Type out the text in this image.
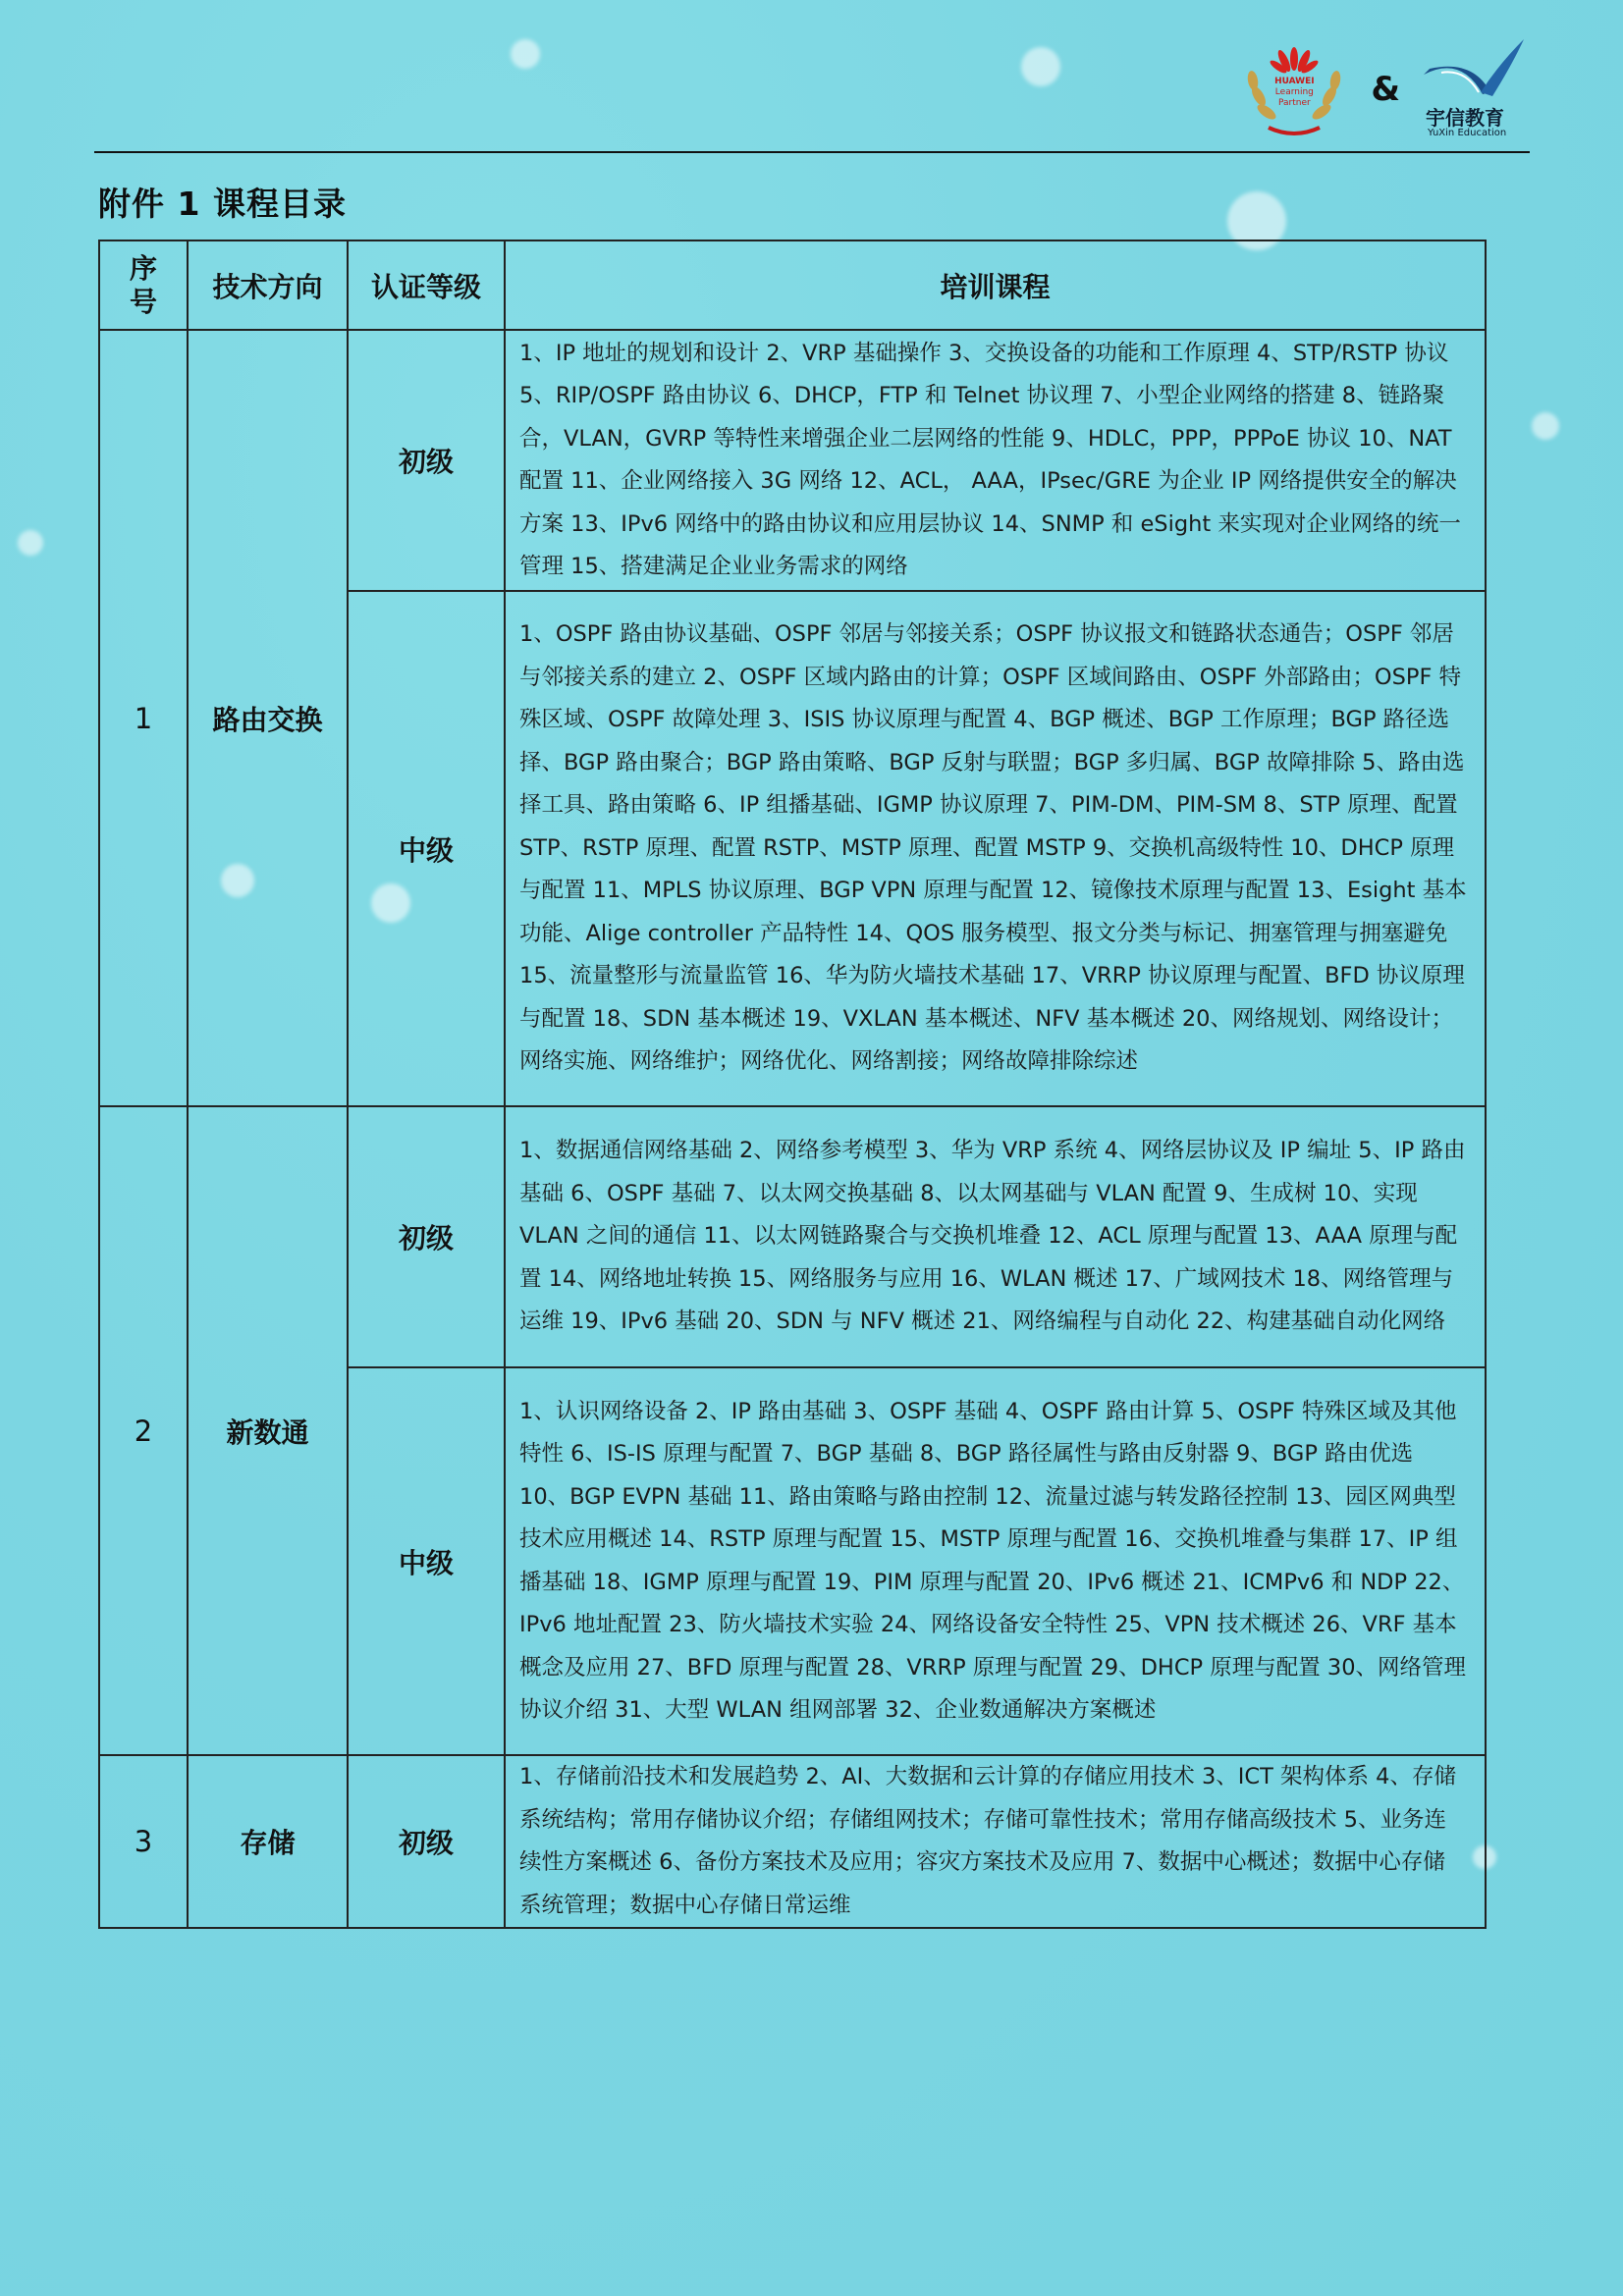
HUAWEI
Learning
Partner	&
宇信教育
YuXin Education
附件 1 课程目录
序号	技术方向	认证等级	培训课程
1	路由交换	初级	1、IP 地址的规划和设计 2、VRP 基础操作 3、交换设备的功能和工作原理 4、STP/RSTP 协议 5、RIP/OSPF 路由协议 6、DHCP，FTP 和 Telnet 协议理 7、小型企业网络的搭建 8、链路聚合，VLAN，GVRP 等特性来增强企业二层网络的性能 9、HDLC，PPP，PPPoE 协议 10、NAT 配置 11、企业网络接入 3G 网络 12、ACL， AAA，IPsec/GRE 为企业 IP 网络提供安全的解决方案 13、IPv6 网络中的路由协议和应用层协议 14、SNMP 和 eSight 来实现对企业网络的统一管理 15、搭建满足企业业务需求的网络
		中级	1、OSPF 路由协议基础、OSPF 邻居与邻接关系；OSPF 协议报文和链路状态通告；OSPF 邻居与邻接关系的建立 2、OSPF 区域内路由的计算；OSPF 区域间路由、OSPF 外部路由；OSPF 特殊区域、OSPF 故障处理 3、ISIS 协议原理与配置 4、BGP 概述、BGP 工作原理；BGP 路径选择、BGP 路由聚合；BGP 路由策略、BGP 反射与联盟；BGP 多归属、BGP 故障排除 5、路由选择工具、路由策略 6、IP 组播基础、IGMP 协议原理 7、PIM-DM、PIM-SM 8、STP 原理、配置 STP、RSTP 原理、配置 RSTP、MSTP 原理、配置 MSTP 9、交换机高级特性 10、DHCP 原理与配置 11、MPLS 协议原理、BGP VPN 原理与配置 12、镜像技术原理与配置 13、Esight 基本功能、Alige controller 产品特性 14、QOS 服务模型、报文分类与标记、拥塞管理与拥塞避免 15、流量整形与流量监管 16、华为防火墙技术基础 17、VRRP 协议原理与配置、BFD 协议原理与配置 18、SDN 基本概述 19、VXLAN 基本概述、NFV 基本概述 20、网络规划、网络设计；网络实施、网络维护；网络优化、网络割接；网络故障排除综述
2	新数通	初级	1、数据通信网络基础 2、网络参考模型 3、华为 VRP 系统 4、网络层协议及 IP 编址 5、IP 路由基础 6、OSPF 基础 7、以太网交换基础 8、以太网基础与 VLAN 配置 9、生成树 10、实现 VLAN 之间的通信 11、以太网链路聚合与交换机堆叠 12、ACL 原理与配置 13、AAA 原理与配置 14、网络地址转换 15、网络服务与应用 16、WLAN 概述 17、广域网技术 18、网络管理与运维 19、IPv6 基础 20、SDN 与 NFV 概述 21、网络编程与自动化 22、构建基础自动化网络
		中级	1、认识网络设备 2、IP 路由基础 3、OSPF 基础 4、OSPF 路由计算 5、OSPF 特殊区域及其他特性 6、IS-IS 原理与配置 7、BGP 基础 8、BGP 路径属性与路由反射器 9、BGP 路由优选 10、BGP EVPN 基础 11、路由策略与路由控制 12、流量过滤与转发路径控制 13、园区网典型技术应用概述 14、RSTP 原理与配置 15、MSTP 原理与配置 16、交换机堆叠与集群 17、IP 组播基础 18、IGMP 原理与配置 19、PIM 原理与配置 20、IPv6 概述 21、ICMPv6 和 NDP 22、IPv6 地址配置 23、防火墙技术实验 24、网络设备安全特性 25、VPN 技术概述 26、VRF 基本概念及应用 27、BFD 原理与配置 28、VRRP 原理与配置 29、DHCP 原理与配置 30、网络管理协议介绍 31、大型 WLAN 组网部署 32、企业数通解决方案概述
3	存储	初级	1、存储前沿技术和发展趋势 2、AI、大数据和云计算的存储应用技术 3、ICT 架构体系 4、存储系统结构；常用存储协议介绍；存储组网技术；存储可靠性技术；常用存储高级技术 5、业务连续性方案概述 6、备份方案技术及应用；容灾方案技术及应用 7、数据中心概述；数据中心存储系统管理；数据中心存储日常运维
